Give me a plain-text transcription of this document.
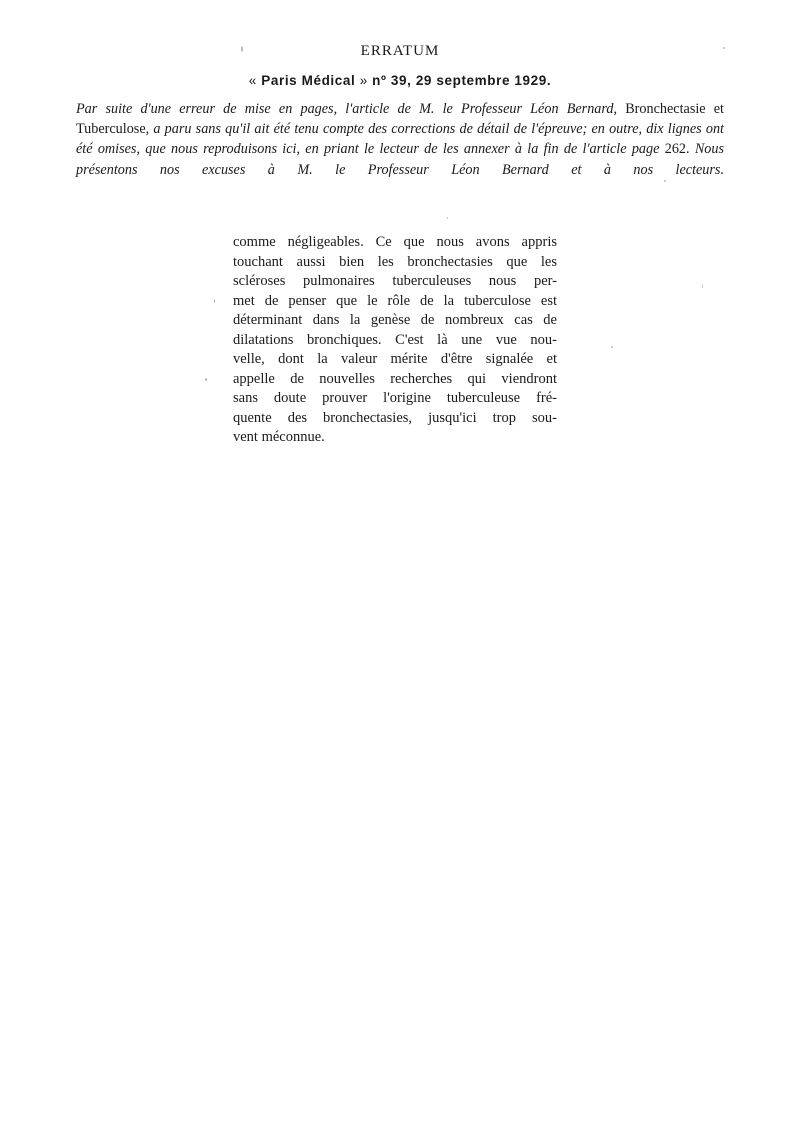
ERRATUM
« Paris Médical » nº 39, 29 septembre 1929.
Par suite d'une erreur de mise en pages, l'article de M. le Professeur Léon Bernard, Bronchectasie et Tuberculose, a paru sans qu'il ait été tenu compte des corrections de détail de l'épreuve; en outre, dix lignes ont été omises, que nous reproduisons ici, en priant le lecteur de les annexer à la fin de l'article page 262. Nous présentons nos excuses à M. le Professeur Léon Bernard et à nos lecteurs.
comme négligeables. Ce que nous avons appris
touchant aussi bien les bronchectasies que les
scléroses pulmonaires tuberculeuses nous per-
met de penser que le rôle de la tuberculose est
déterminant dans la genèse de nombreux cas de
dilatations bronchiques. C'est là une vue nou-
velle, dont la valeur mérite d'être signalée et
appelle de nouvelles recherches qui viendront
sans doute prouver l'origine tuberculeuse fré-
quente des bronchectasies, jusqu'ici trop sou-
vent méconnue.
